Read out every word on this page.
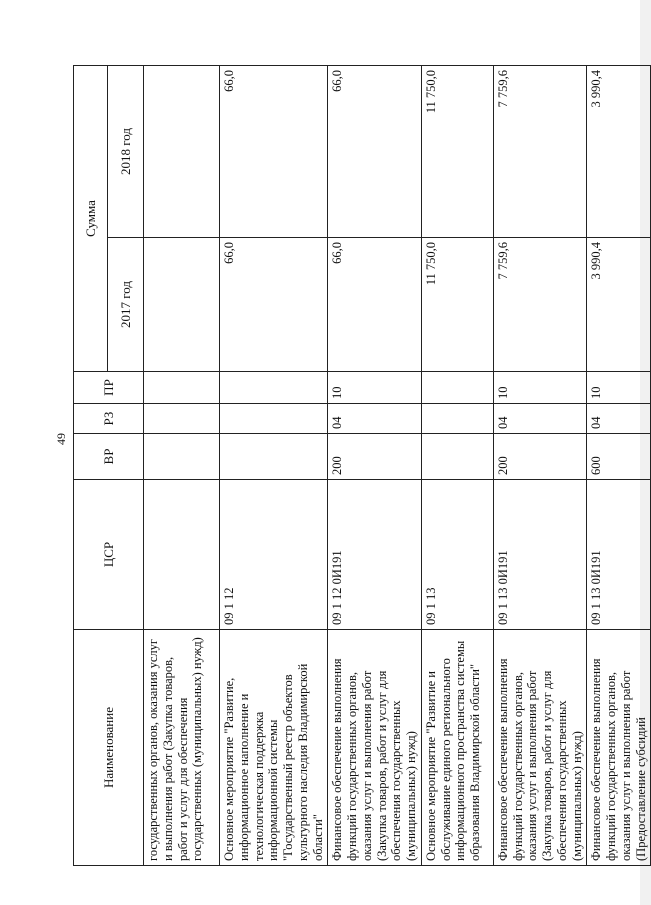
49
Наименование	ЦСР	ВР	РЗ	ПР	Сумма	
					2017 год	2018 год
государственных органов, оказания услуг и выполнения работ (Закупка товаров, работ и услуг для обеспечения государственных (муниципальных) нужд)						
Основное мероприятие "Развитие, информационное наполнение и технологическая поддержка информационной системы "Государственный реестр объектов культурного наследия Владимирской области"	09 1 12				66,0	66,0
Финансовое обеспечение выполнения функций государственных органов, оказания услуг и выполнения работ (Закупка товаров, работ и услуг для обеспечения государственных (муниципальных) нужд)	09 1 12 0И191	200	04	10	66,0	66,0
Основное мероприятие "Развитие и обслуживание единого регионального информационного пространства системы образования Владимирской области"	09 1 13				11 750,0	11 750,0
Финансовое обеспечение выполнения функций государственных органов, оказания услуг и выполнения работ (Закупка товаров, работ и услуг для обеспечения государственных (муниципальных) нужд)	09 1 13 0И191	200	04	10	7 759,6	7 759,6
Финансовое обеспечение выполнения функций государственных органов, оказания услуг и выполнения работ (Предоставление субсидий	09 1 13 0И191	600	04	10	3 990,4	3 990,4
